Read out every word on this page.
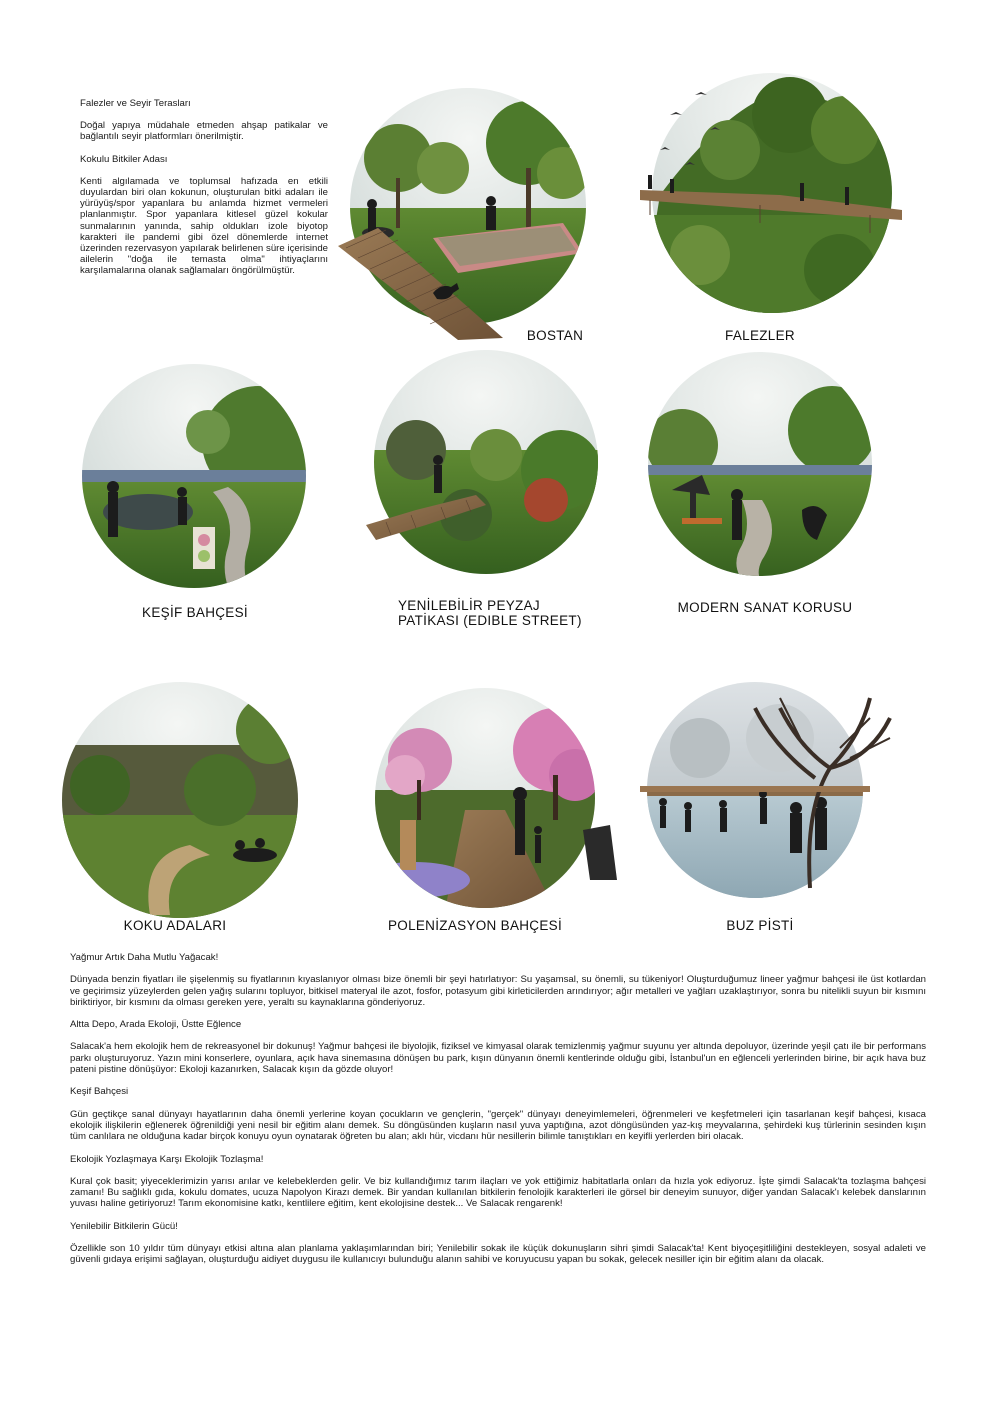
Falezler ve Seyir Terasları

Doğal yapıya müdahale etmeden ahşap patikalar ve bağlantılı seyir platformları önerilmiştir.

Kokulu Bitkiler Adası

Kenti algılamada ve toplumsal hafızada en etkili duyulardan biri olan kokunun, oluşturulan bitki adaları ile yürüyüş/spor yapanlara bu anlamda hizmet vermeleri planlanmıştır. Spor yapanlara kitlesel güzel kokular sunmalarının yanında, sahip oldukları izole biyotop karakteri ile pandemi gibi özel dönemlerde internet üzerinden rezervasyon yapılarak belirlenen süre içerisinde ailelerin "doğa ile temasta olma" ihtiyaçlarını karşılamalarına olanak sağlamaları öngörülmüştür.

BOSTAN	FALEZLER
KEŞİF BAHÇESİ	YENİLEBİLİR PEYZAJ PATİKASI (EDIBLE STREET)
MODERN SANAT KORUSU
KOKU ADALARI	POLENİZASYON BAHÇESİ	BUZ PİSTİ

Yağmur Artık Daha Mutlu Yağacak!

Dünyada benzin fiyatları ile şişelenmiş su fiyatlarının kıyaslanıyor olması bize önemli bir şeyi hatırlatıyor: Su yaşamsal, su önemli, su tükeniyor! Oluşturduğumuz lineer yağmur bahçesi ile üst kotlardan ve geçirimsiz yüzeylerden gelen yağış sularını topluyor, bitkisel materyal ile azot, fosfor, potasyum gibi kirleticilerden arındırıyor; ağır metalleri ve yağları uzaklaştırıyor, sonra bu nitelikli suyun bir kısmını biriktiriyor, bir kısmını da olması gereken yere, yeraltı su kaynaklarına gönderiyoruz.

Altta Depo, Arada Ekoloji, Üstte Eğlence

Salacak'a hem ekolojik hem de rekreasyonel bir dokunuş! Yağmur bahçesi ile biyolojik, fiziksel ve kimyasal olarak temizlenmiş yağmur suyunu yer altında depoluyor, üzerinde yeşil çatı ile bir performans parkı oluşturuyoruz. Yazın mini konserlere, oyunlara, açık hava sinemasına dönüşen bu park, kışın dünyanın önemli kentlerinde olduğu gibi, İstanbul'un en eğlenceli yerlerinden birine, bir açık hava buz pateni pistine dönüşüyor: Ekoloji kazanırken, Salacak kışın da gözde oluyor!

Keşif Bahçesi

Gün geçtikçe sanal dünyayı hayatlarının daha önemli yerlerine koyan çocukların ve gençlerin, "gerçek" dünyayı deneyimlemeleri, öğrenmeleri ve keşfetmeleri için tasarlanan keşif bahçesi, kısaca ekolojik ilişkilerin eğlenerek öğrenildiği yeni nesil bir eğitim alanı demek. Su döngüsünden kuşların nasıl yuva yaptığına, azot döngüsünden yaz-kış meyvalarına, şehirdeki kuş türlerinin sesinden kışın tüm canlılara ne olduğuna kadar birçok konuyu oyun oynatarak öğreten bu alan; aklı hür, vicdanı hür nesillerin bilimle tanıştıkları en keyifli yerlerden biri olacak.

Ekolojik Yozlaşmaya Karşı Ekolojik Tozlaşma!

Kural çok basit; yiyeceklerimizin yarısı arılar ve kelebeklerden gelir. Ve biz kullandığımız tarım ilaçları ve yok ettiğimiz habitatlarla onları da hızla yok ediyoruz. İşte şimdi Salacak'ta tozlaşma bahçesi zamanı! Bu sağlıklı gıda, kokulu domates, ucuza Napolyon Kirazı demek. Bir yandan kullanılan bitkilerin fenolojik karakterleri ile görsel bir deneyim sunuyor, diğer yandan Salacak'ı kelebek danslarının yuvası haline getiriyoruz! Tarım ekonomisine katkı, kentlilere eğitim, kent ekolojisine destek... Ve Salacak rengarenk!

Yenilebilir Bitkilerin Gücü!

Özellikle son 10 yıldır tüm dünyayı etkisi altına alan planlama yaklaşımlarından biri; Yenilebilir sokak ile küçük dokunuşların sihri şimdi Salacak'ta! Kent biyoçeşitliliğini destekleyen, sosyal adaleti ve güvenli gıdaya erişimi sağlayan, oluşturduğu aidiyet duygusu ile kullanıcıyı bulunduğu alanın sahibi ve koruyucusu yapan bu sokak, gelecek nesiller için bir eğitim alanı da olacak.
